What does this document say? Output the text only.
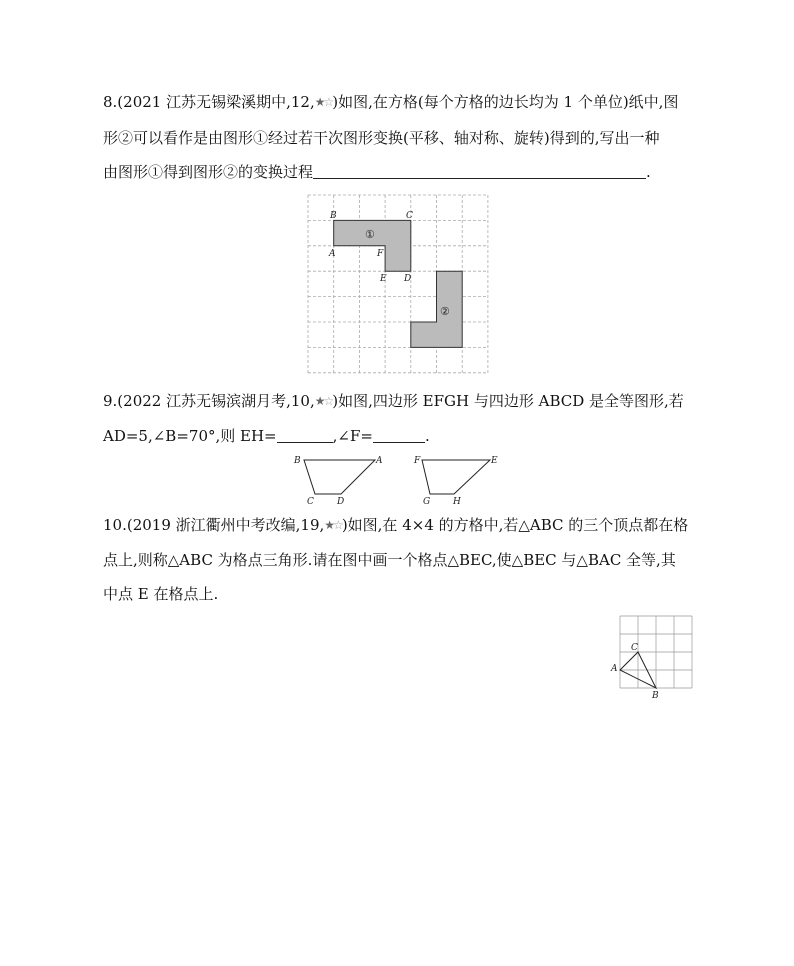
8.(2021 江苏无锡梁溪期中,12,★☆)如图,在方格(每个方格的边长均为 1 个单位)纸中,图
形②可以看作是由图形①经过若干次图形变换(平移、轴对称、旋转)得到的,写出一种
由图形①得到图形②的变换过程	.
①
②
B	C
A	F
E D
9.(2022 江苏无锡滨湖月考,10,★☆)如图,四边形 EFGH 与四边形 ABCD 是全等图形,若
AD=5,∠B=70°,则 EH=	,∠F=	.
B	A
C	D
F	E
G	H
10.(2019 浙江衢州中考改编,19,★☆)如图,在 4×4 的方格中,若△ABC 的三个顶点都在格
点上,则称△ABC 为格点三角形.请在图中画一个格点△BEC,使△BEC 与△BAC 全等,其
中点 E 在格点上.
C
A
B
